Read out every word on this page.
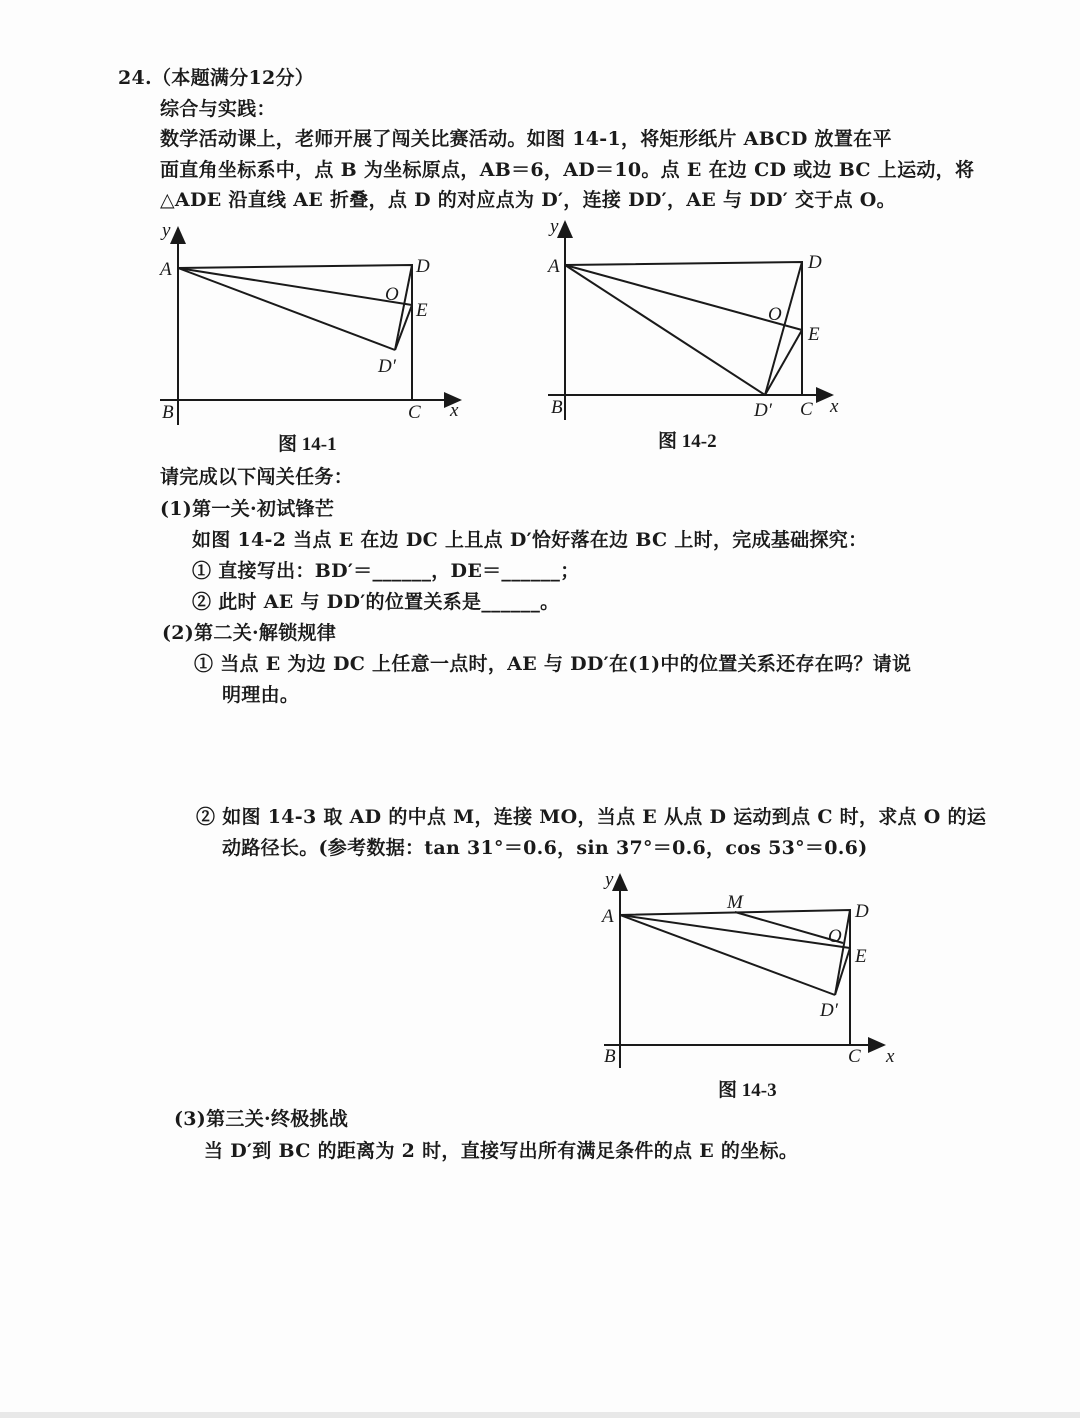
24.（本题满分12分）
综合与实践：
数学活动课上，老师开展了闯关比赛活动。如图 14-1，将矩形纸片 ABCD 放置在平
面直角坐标系中，点 B 为坐标原点，AB＝6，AD＝10。点 E 在边 CD 或边 BC 上运动，将
△ADE 沿直线 AE 折叠，点 D 的对应点为 D′，连接 DD′，AE 与 DD′ 交于点 O。
请完成以下闯关任务：
(1)第一关·初试锋芒
如图 14-2 当点 E 在边 DC 上且点 D′恰好落在边 BC 上时，完成基础探究：
① 直接写出：BD′＝______，DE＝______；
② 此时 AE 与 DD′的位置关系是______。
(2)第二关·解锁规律
① 当点 E 为边 DC 上任意一点时，AE 与 DD′在(1)中的位置关系还存在吗？请说
明理由。
② 如图 14-3 取 AD 的中点 M，连接 MO，当点 E 从点 D 运动到点 C 时，求点 O 的运
动路径长。(参考数据：tan 31°＝0.6，sin 37°＝0.6，cos 53°＝0.6)
(3)第三关·终极挑战
当 D′到 BC 的距离为 2 时，直接写出所有满足条件的点 E 的坐标。
y
x
A
B	C
D
E
O
D′
图 14-1
y
x
A
B	C
D
E
O
D′
图 14-2
y
x
A
B	C
D
E
O
M
D′
图 14-3
